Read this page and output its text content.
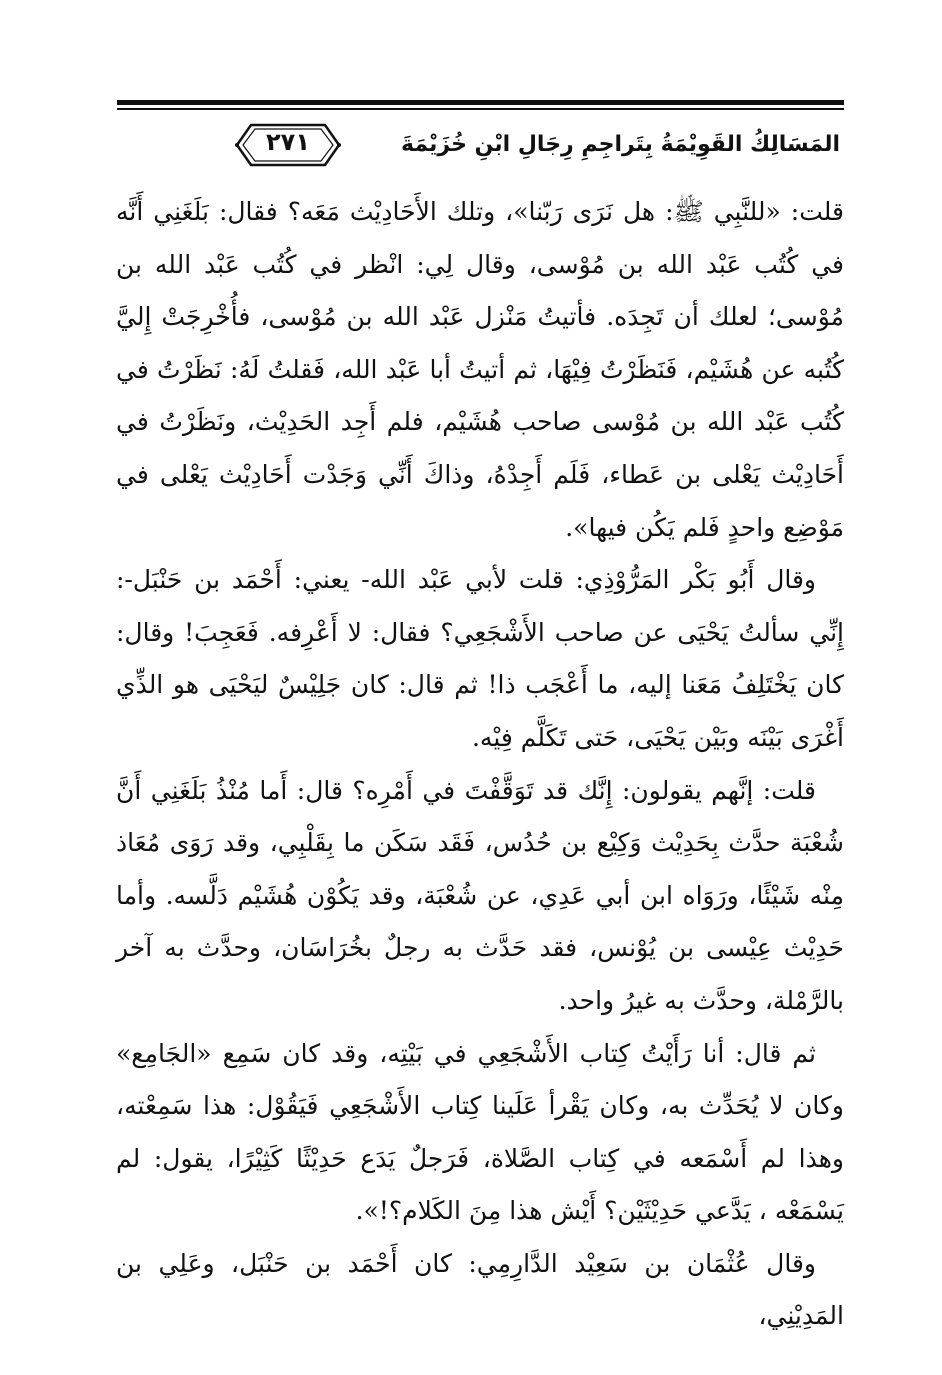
٢٧١	المَسَالِكُ القَوِيْمَةُ بِتَراجِمِ رِجَالِ ابْنِ خُزَيْمَةَ

قلت: «للنَّبِي ﷺ: هل نَرَى رَبّنا»، وتلك الأَحَادِيْث مَعَه؟ فقال: بَلَغَنِي أَنَّه في كُتُب عَبْد الله بن مُوْسى، وقال لِي: انْظر في كُتُب عَبْد الله بن مُوْسى؛ لعلك أن تَجِدَه. فأتيتُ مَنْزل عَبْد الله بن مُوْسى، فأُخْرِجَتْ إِليَّ كُتُبه عن هُشَيْم، فَنَظَرْتُ فِيْهَا، ثم أتيتُ أبا عَبْد الله، فَقلتُ لَهُ: نَظَرْتُ في كُتُب عَبْد الله بن مُوْسى صاحب هُشَيْم، فلم أَجِد الحَدِيْث، ونَظَرْتُ في أَحَادِيْث يَعْلى بن عَطاء، فَلَم أَجِدْهُ، وذاكَ أَنِّي وَجَدْت أَحَادِيْث يَعْلى في مَوْضِع واحدٍ فَلم يَكُن فيها».

وقال أَبُو بَكْر المَرُّوْذِي: قلت لأبي عَبْد الله- يعني: أَحْمَد بن حَنْبَل-: إِنِّي سألتُ يَحْيَى عن صاحب الأَشْجَعِي؟ فقال: لا أَعْرِفه. فَعَجِبَ! وقال: كان يَخْتَلِفُ مَعَنا إليه، ما أَعْجَب ذا! ثم قال: كان جَلِيْسٌ ليَحْيَى هو الذِّي أَغْرَى بَيْنَه وبَيْن يَحْيَى، حَتى تَكَلَّم فِيْه.

قلت: إنَّهم يقولون: إِنَّك قد تَوَقَّفْتَ في أَمْرِه؟ قال: أَما مُنْذُ بَلَغَنِي أَنَّ شُعْبَة حدَّث بِحَدِيْث وَكِيْع بن حُدُس، فَقَد سَكَن ما بِقَلْبِي، وقد رَوَى مُعَاذ مِنْه شَيْئًا، ورَوَاه ابن أبي عَدِي، عن شُعْبَة، وقد يَكُوْن هُشَيْم دَلَّسه. وأما حَدِيْث عِيْسى بن يُوْنس، فقد حَدَّث به رجلٌ بخُرَاسَان، وحدَّث به آخر بالرَّمْلة، وحدَّث به غيرُ واحد.

ثم قال: أنا رَأَيْتُ كِتاب الأَشْجَعِي في بَيْتِه، وقد كان سَمِع «الجَامِع» وكان لا يُحَدِّث به، وكان يَقْرأ عَلَينا كِتاب الأَشْجَعِي فَيَقُوْل: هذا سَمِعْته، وهذا لم أَسْمَعه في كِتاب الصَّلاة، فَرَجلٌ يَدَع حَدِيْثًا كَثِيْرًا، يقول: لم يَسْمَعْه ، يَدَّعي حَدِيْثَيْن؟ أَيْش هذا مِنَ الكَلام؟!».

وقال عُثْمَان بن سَعِيْد الدَّارِمِي: كان أَحْمَد بن حَنْبَل، وعَلِي بن المَدِيْنِي،
